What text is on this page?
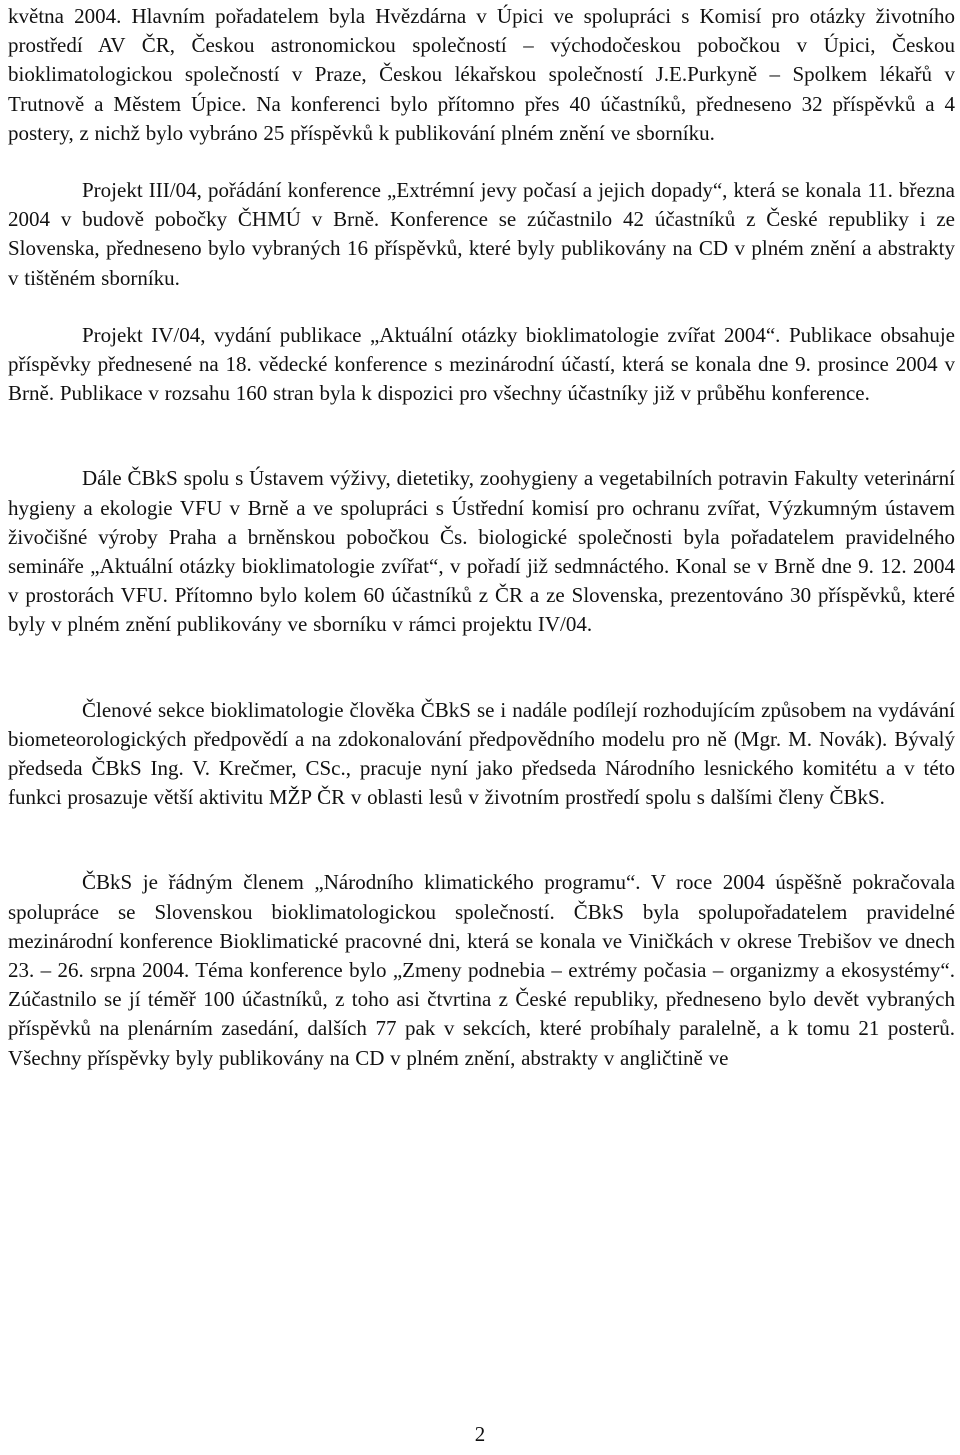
května 2004. Hlavním pořadatelem byla Hvězdárna v Úpici ve spolupráci s Komisí pro otázky životního prostředí AV ČR, Českou astronomickou společností – východočeskou pobočkou v Úpici, Českou bioklimatologickou společností v Praze, Českou lékařskou společností J.E.Purkyně – Spolkem lékařů v Trutnově a Městem Úpice. Na konferenci bylo přítomno přes 40 účastníků, předneseno 32 příspěvků a 4 postery, z nichž bylo vybráno 25 příspěvků k publikování plném znění ve sborníku.

Projekt III/04, pořádání konference „Extrémní jevy počasí a jejich dopady“, která se konala 11. března 2004 v budově pobočky ČHMÚ v Brně. Konference se zúčastnilo 42 účastníků z České republiky i ze Slovenska, předneseno bylo vybraných 16 příspěvků, které byly publikovány na CD v plném znění a abstrakty v tištěném sborníku.

Projekt IV/04, vydání publikace „Aktuální otázky bioklimatologie zvířat 2004“. Publikace obsahuje příspěvky přednesené na 18. vědecké konference s mezinárodní účastí, která se konala dne 9. prosince 2004 v Brně. Publikace v rozsahu 160 stran byla k dispozici pro všechny účastníky již v průběhu konference.

Dále ČBkS spolu s Ústavem výživy, dietetiky, zoohygieny a vegetabilních potravin Fakulty veterinární hygieny a ekologie VFU v Brně a ve spolupráci s Ústřední komisí pro ochranu zvířat, Výzkumným ústavem živočišné výroby Praha a brněnskou pobočkou Čs. biologické společnosti byla pořadatelem pravidelného semináře „Aktuální otázky bioklimatologie zvířat“, v pořadí již sedmnáctého. Konal se v Brně dne 9. 12. 2004 v prostorách VFU. Přítomno bylo kolem 60 účastníků z ČR a ze Slovenska, prezentováno 30 příspěvků, které byly v plném znění publikovány ve sborníku v rámci projektu IV/04.

Členové sekce bioklimatologie člověka ČBkS se i nadále podílejí rozhodujícím způsobem na vydávání biometeorologických předpovědí a na zdokonalování předpovědního modelu pro ně (Mgr. M. Novák). Bývalý předseda ČBkS Ing. V. Krečmer, CSc., pracuje nyní jako předseda Národního lesnického komitétu a v této funkci prosazuje větší aktivitu MŽP ČR v oblasti lesů v životním prostředí spolu s dalšími členy ČBkS.

ČBkS je řádným členem „Národního klimatického programu“. V roce 2004 úspěšně pokračovala spolupráce se Slovenskou bioklimatologickou společností. ČBkS byla spolupořadatelem pravidelné mezinárodní konference Bioklimatické pracovné dni, která se konala ve Viničkách v okrese Trebišov ve dnech 23. – 26. srpna 2004. Téma konference bylo „Zmeny podnebia – extrémy počasia – organizmy a ekosystémy“. Zúčastnilo se jí téměř 100 účastníků, z toho asi čtvrtina z České republiky, předneseno bylo devět vybraných příspěvků na plenárním zasedání, dalších 77 pak v sekcích, které probíhaly paralelně, a k tomu 21 posterů. Všechny příspěvky byly publikovány na CD v plném znění, abstrakty v angličtině ve

2
